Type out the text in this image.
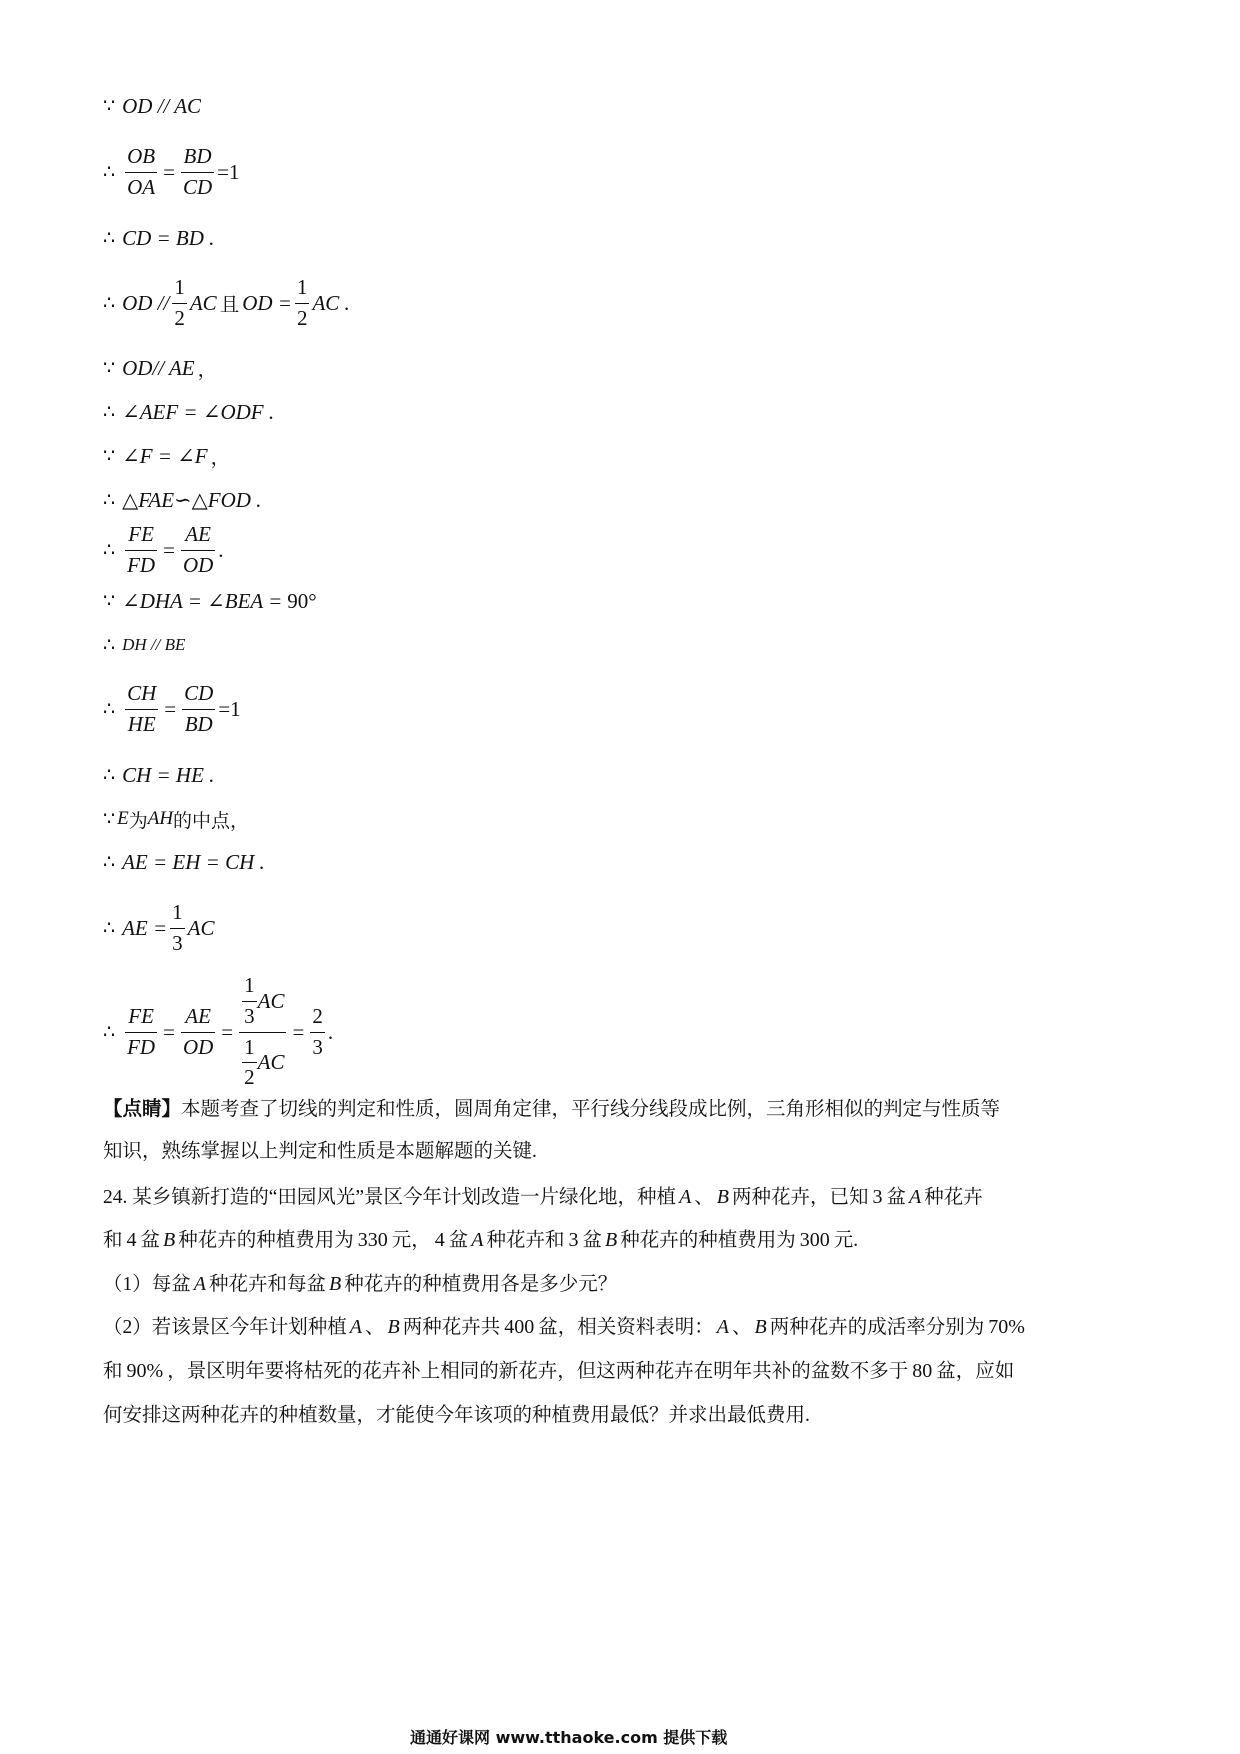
∵ OD // AC
∴ $\frac{OB}{OA} = \frac{BD}{CD} =1$
∴ CD = BD .
∴ OD // $\frac{1}{2}$ AC 且 OD = $\frac{1}{2}$ AC .
∵ OD// AE ，
∴ ∠AEF = ∠ODF .
∵ ∠F = ∠F ，
∴ △FAE∽△FOD .
∴ $\frac{FE}{FD} = \frac{AE}{OD}$ .
∵ ∠DHA = ∠BEA = 90°
∴ DH // BE
∴ $\frac{CH}{HE} = \frac{CD}{BD} =1$
∴ CH = HE .
∵ E 为 AH 的中点，
∴ AE = EH = CH .
∴ AE = $\frac{1}{3}$ AC
∴ $\frac{FE}{FD} = \frac{AE}{OD} = \frac{\frac{1}{3} AC}{\frac{1}{2} AC} = \frac{2}{3}$ .
【点睛】本题考查了切线的判定和性质，圆周角定律，平行线分线段成比例，三角形相似的判定与性质等
知识，熟练掌握以上判定和性质是本题解题的关键.
24. 某乡镇新打造的“田园风光”景区今年计划改造一片绿化地，种植 A 、 B 两种花卉，已知 3 盆 A 种花卉
和 4 盆 B 种花卉的种植费用为 330 元， 4 盆 A 种花卉和 3 盆 B 种花卉的种植费用为 300 元.
（1）每盆 A 种花卉和每盆 B 种花卉的种植费用各是多少元？
（2）若该景区今年计划种植 A 、 B 两种花卉共 400 盆，相关资料表明： A 、 B 两种花卉的成活率分别为 70%
和 90% ，景区明年要将枯死的花卉补上相同的新花卉，但这两种花卉在明年共补的盆数不多于 80 盆，应如
何安排这两种花卉的种植数量，才能使今年该项的种植费用最低？并求出最低费用.
通通好课网 www.tthaoke.com 提供下载
